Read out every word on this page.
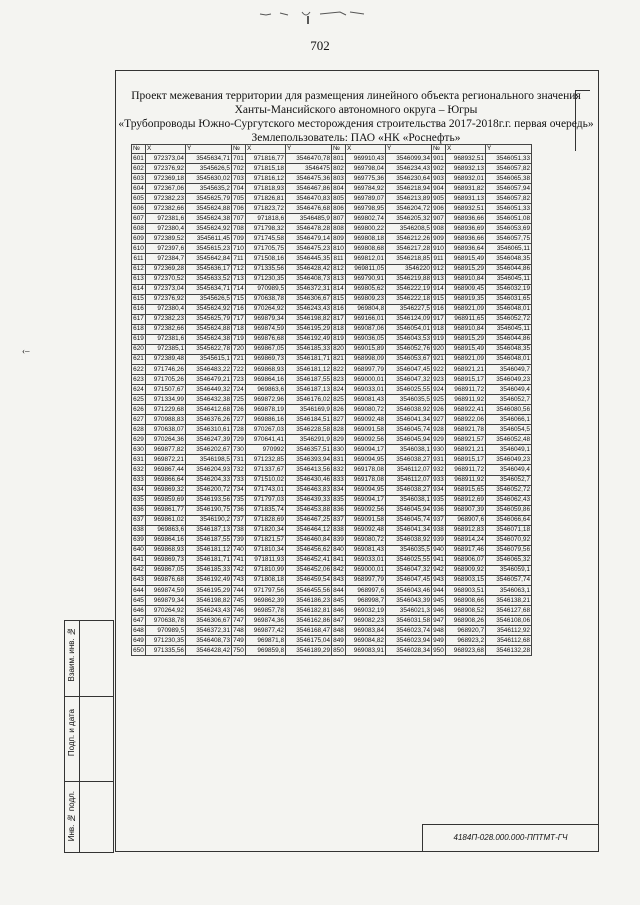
702
Проект межевания территории для размещения линейного объекта регионального значения
Ханты-Мансийского автономного округа – Югры
«Трубопроводы Южно-Сургутского месторождения строительства 2017-2018г.г. первая очередь»
Землепользователь: ПАО «НК «Роснефть»
№	X	Y	№	X	Y	№	X	Y	№	X	Y
601	972373,04	3545634,71	701	971816,77	3546470,78	801	969910,43	3546099,34	901	968932,51	3546051,33
602	972376,92	3545626,5	702	971815,18	3546475	802	969798,04	3546234,43	902	968932,13	3546057,82
603	972369,18	3545630,02	703	971816,12	3546475,36	803	969775,36	3546230,64	903	968932,01	3546065,38
604	972367,06	3545635,2	704	971818,93	3546467,86	804	969784,92	3546218,94	904	968931,82	3546057,94
605	972382,23	3545625,79	705	971826,81	3546470,83	805	969789,07	3546213,89	905	968931,13	3546057,82
606	972382,66	3545624,88	706	971823,72	3546476,68	806	969798,95	3546204,72	906	968932,51	3546051,33
607	972381,6	3545624,38	707	971818,6	3546485,9	807	969802,74	3546205,32	907	968936,66	3546051,08
608	972380,4	3545624,92	708	971798,32	3546478,28	808	969800,22	3546208,5	908	968936,69	3546053,69
609	972389,52	3545611,45	709	971745,58	3546479,14	809	969808,18	3546212,26	909	968936,66	3546057,75
610	972397,6	3545615,23	710	971705,75	3546475,23	810	969808,68	3546217,28	910	968936,64	3546065,11
611	972384,7	3545642,84	711	971508,16	3546445,35	811	969812,01	3546218,85	911	968915,49	3546048,35
612	972369,28	3545636,17	712	971335,56	3546428,42	812	969811,05	3546220	912	968915,29	3546044,86
613	972370,52	3545633,52	713	971230,35	3546408,73	813	969790,91	3546219,88	913	968910,84	3546045,11
614	972373,04	3545634,71	714	970989,5	3546372,31	814	969805,62	3546222,19	914	968909,45	3546032,19
615	972376,92	3545626,5	715	970638,78	3546306,67	815	969809,23	3546222,18	915	968919,35	3546031,65
616	972380,4	3545624,92	716	970264,92	3546243,43	816	969804,8	3546227,5	916	968921,09	3546048,01
617	972382,23	3545625,79	717	969879,34	3546198,82	817	969166,01	3546124,09	917	968911,65	3546052,72
618	972382,66	3545624,88	718	969874,59	3546195,29	818	969087,06	3546054,01	918	968910,84	3546045,11
619	972381,6	3545624,38	719	969876,68	3546192,49	819	969036,05	3546043,53	919	968915,29	3546044,86
620	972385,1	3545622,78	720	969867,05	3546185,33	820	969015,89	3546052,76	920	968915,49	3546048,35
621	972389,48	3545615,1	721	969869,73	3546181,71	821	968998,09	3546053,67	921	968921,09	3546048,01
622	971746,26	3546483,22	722	969868,93	3546181,12	822	968997,79	3546047,45	922	968921,21	3546049,7
623	971705,26	3546479,21	723	969864,16	3546187,55	823	969000,01	3546047,32	923	968915,17	3546049,23
624	971507,67	3546449,32	724	969863,6	3546187,13	824	969033,01	3546025,55	924	968911,72	3546049,4
625	971334,99	3546432,38	725	969872,96	3546176,02	825	969081,43	3546035,5	925	968911,92	3546052,7
626	971229,68	3546412,68	726	969878,19	3546169,9	826	969080,72	3546038,92	926	968922,41	3546080,56
627	970988,83	3546376,26	727	969886,16	3546184,51	827	969092,48	3546041,34	927	968922,06	3546066,1
628	970638,07	3546310,61	728	970267,03	3546228,58	828	969091,58	3546045,74	928	968921,78	3546054,5
629	970264,36	3546247,39	729	970641,41	3546291,9	829	969092,56	3546045,94	929	968921,57	3546052,48
630	969877,82	3546202,67	730	970992	3546357,51	830	969094,17	3546038,1	930	968921,21	3546049,1
631	969872,21	3546198,5	731	971232,85	3546393,94	831	969094,95	3546038,27	931	968915,17	3546049,23
632	969867,44	3546204,93	732	971337,67	3546413,56	832	969178,08	3546112,07	932	968911,72	3546049,4
633	969866,64	3546204,33	733	971510,02	3546430,46	833	969178,08	3546112,07	933	968911,92	3546052,7
634	969869,32	3546200,72	734	971743,01	3546463,83	834	969094,95	3546038,27	934	968915,65	3546052,72
635	969859,69	3546193,56	735	971797,03	3546439,33	835	969094,17	3546038,1	935	968912,69	3546062,43
636	969861,77	3546190,75	736	971835,74	3546453,88	836	969092,56	3546045,94	936	968907,39	3546059,86
637	969861,02	3546190,2	737	971828,69	3546467,25	837	969091,58	3546045,74	937	968907,6	3546066,64
638	969863,6	3546187,13	738	971820,34	3546464,12	838	969092,48	3546041,34	938	968912,83	3546071,18
639	969864,16	3546187,55	739	971821,57	3546460,84	839	969080,72	3546038,92	939	968914,24	3546070,92
640	969868,93	3546181,12	740	971810,34	3546456,62	840	969081,43	3546035,5	940	968917,46	3546079,56
641	969869,73	3546181,71	741	971811,93	3546452,41	841	969033,01	3546025,55	941	968906,07	3546065,32
642	969867,05	3546185,33	742	971810,99	3546452,06	842	969000,01	3546047,32	942	968909,92	3546059,1
643	969876,68	3546192,49	743	971808,18	3546459,54	843	968997,79	3546047,45	943	968903,15	3546057,74
644	969874,59	3546195,29	744	971797,56	3546455,56	844	968997,6	3546043,46	944	968903,51	3546063,1
645	969879,34	3546198,82	745	969862,39	3546186,23	845	968998,7	3546043,39	945	968908,66	3546138,21
646	970264,92	3546243,43	746	969857,78	3546182,81	846	969032,19	3546021,3	946	968908,52	3546127,68
647	970638,78	3546306,67	747	969874,36	3546162,86	847	969082,23	3546031,58	947	968908,26	3546108,06
648	970989,5	3546372,31	748	969877,42	3546168,47	848	969083,84	3546023,74	948	968920,7	3546112,92
649	971230,35	3546408,73	749	969871,8	3546175,04	849	969084,82	3546023,94	949	968923,2	3546112,68
650	971335,56	3546428,42	750	969859,8	3546189,29	850	969083,91	3546028,34	950	968923,68	3546132,28
Взаим. инв. №
Подп. и дата
Инв. № подл.
‹–
4184П-028.000.000-ППТМТ-ГЧ
